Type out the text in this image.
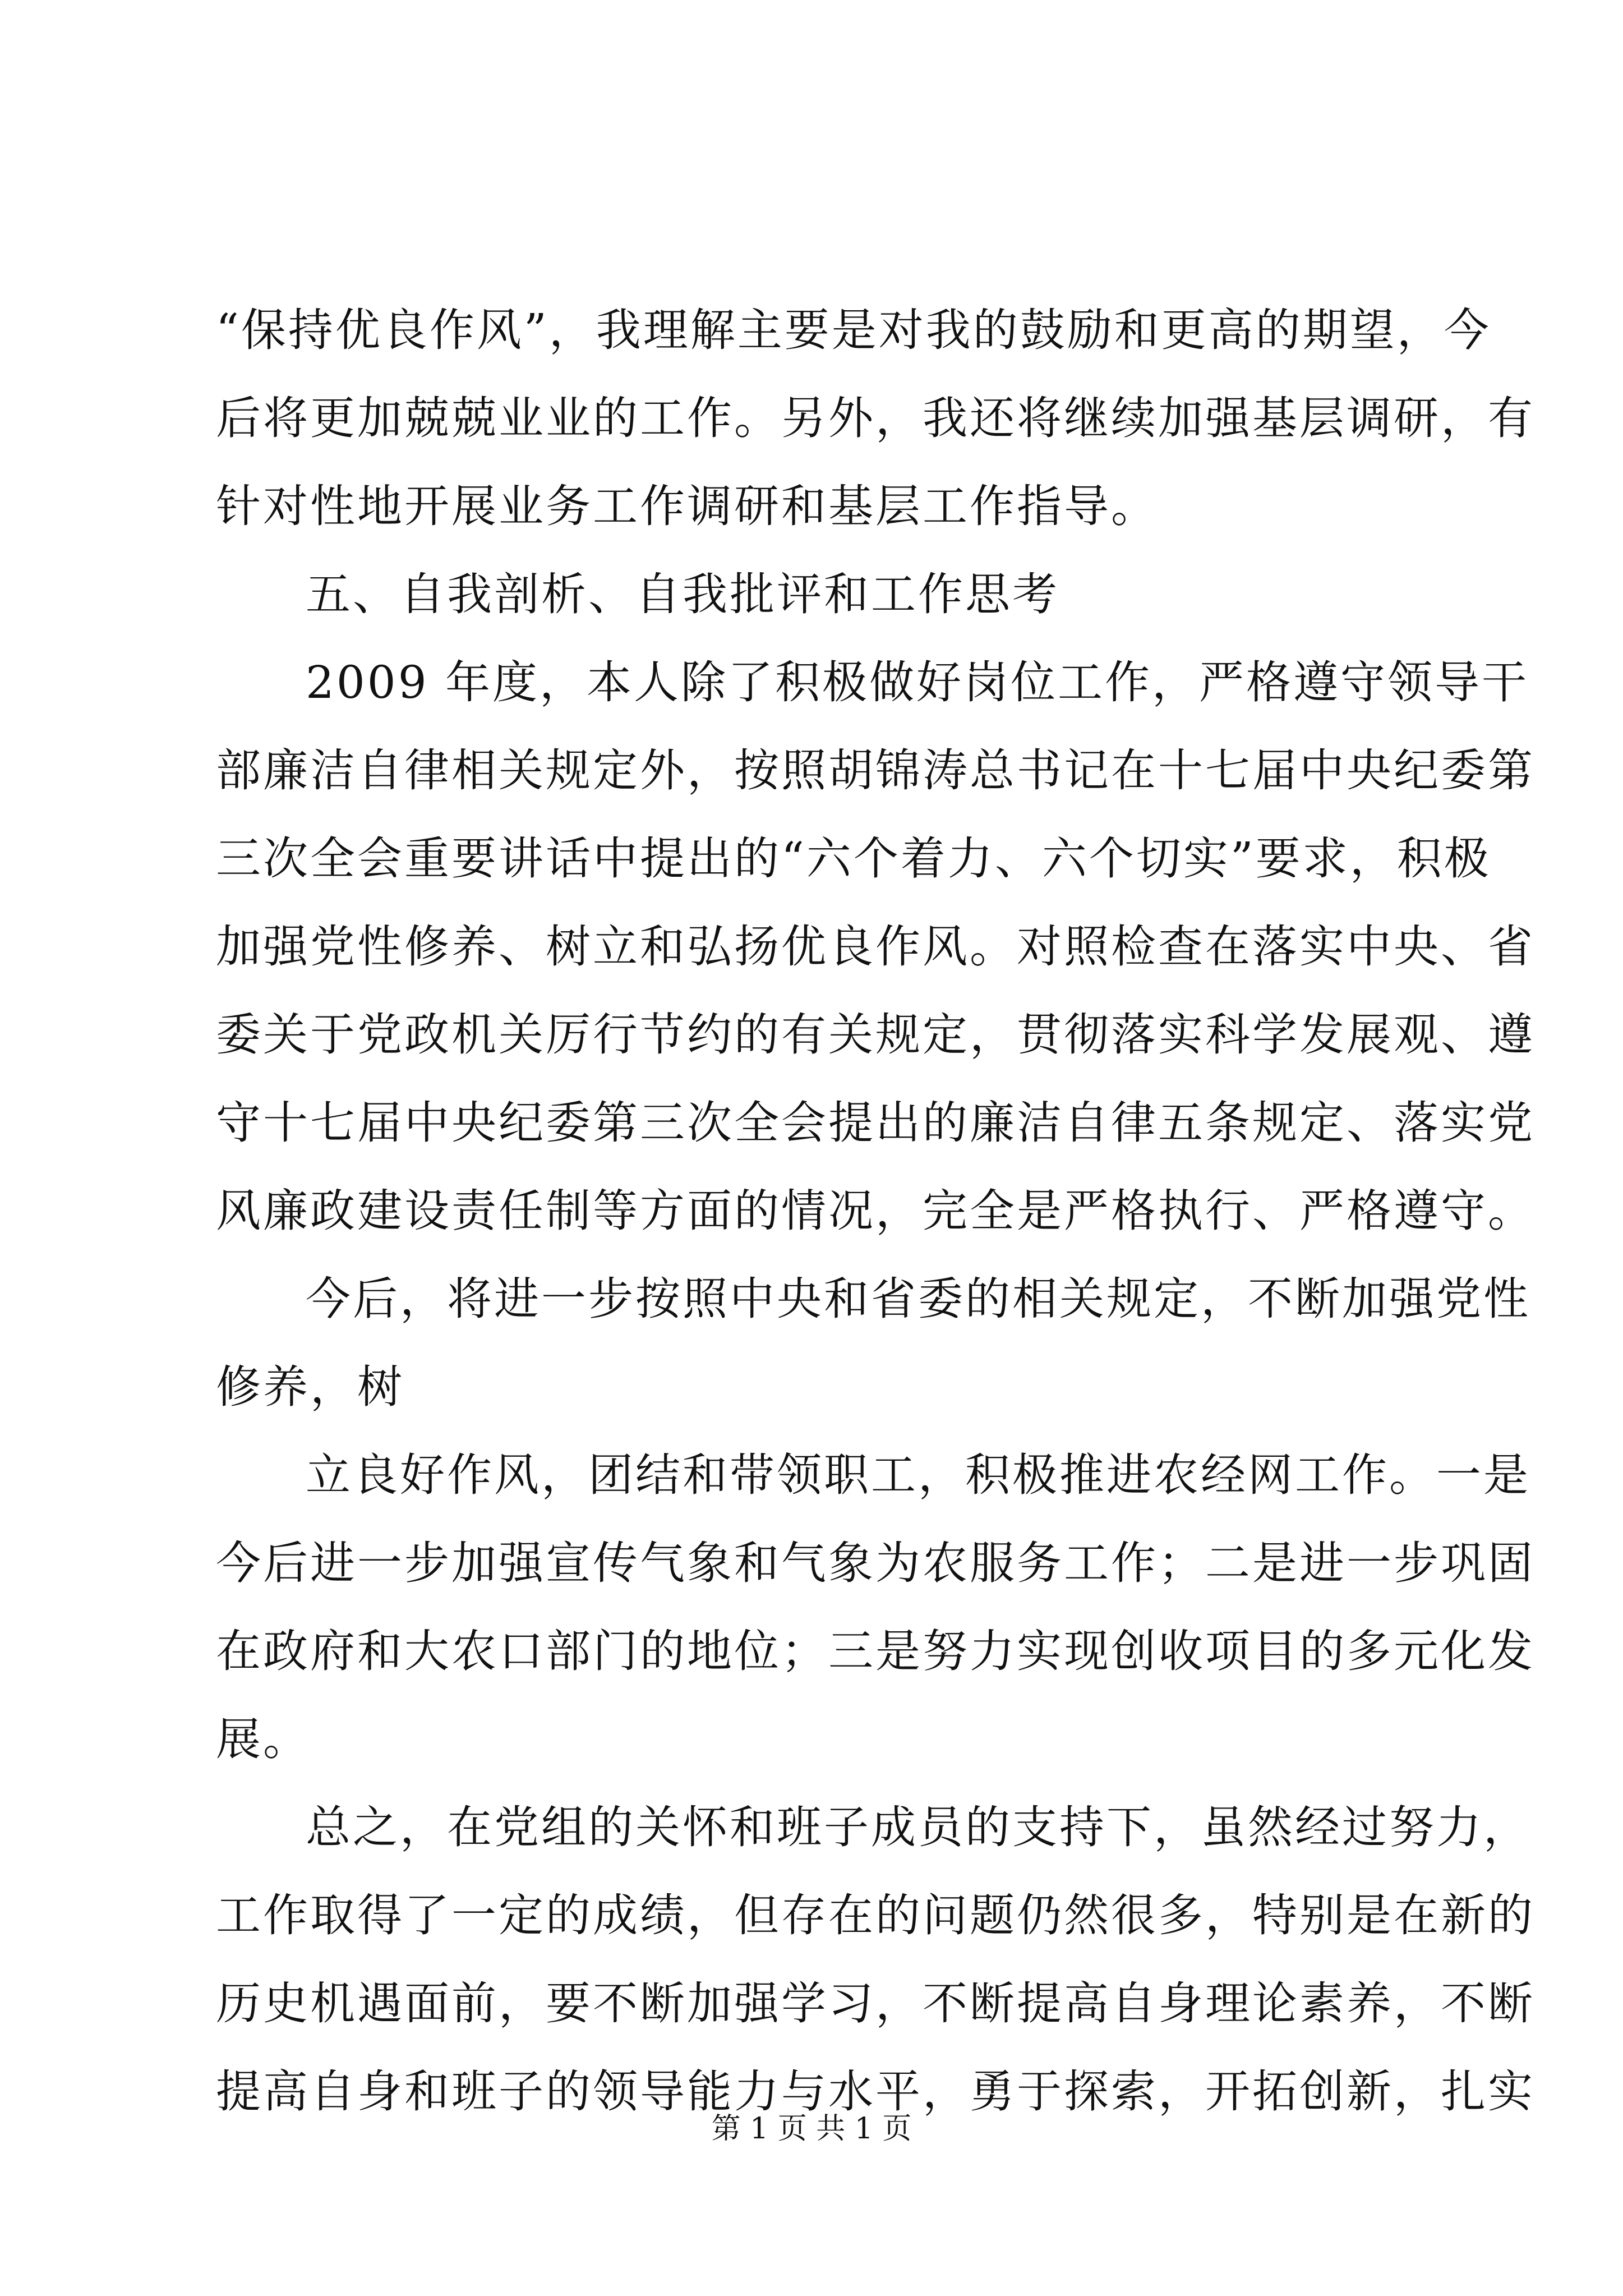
“保持优良作风”，我理解主要是对我的鼓励和更高的期望，今
后将更加兢兢业业的工作。另外，我还将继续加强基层调研，有
针对性地开展业务工作调研和基层工作指导。
五、自我剖析、自我批评和工作思考
2009 年度，本人除了积极做好岗位工作，严格遵守领导干
部廉洁自律相关规定外，按照胡锦涛总书记在十七届中央纪委第
三次全会重要讲话中提出的“六个着力、六个切实”要求，积极
加强党性修养、树立和弘扬优良作风。对照检查在落实中央、省
委关于党政机关厉行节约的有关规定，贯彻落实科学发展观、遵
守十七届中央纪委第三次全会提出的廉洁自律五条规定、落实党
风廉政建设责任制等方面的情况，完全是严格执行、严格遵守。
今后，将进一步按照中央和省委的相关规定，不断加强党性
修养，树
立良好作风，团结和带领职工，积极推进农经网工作。一是
今后进一步加强宣传气象和气象为农服务工作；二是进一步巩固
在政府和大农口部门的地位；三是努力实现创收项目的多元化发
展。
总之，在党组的关怀和班子成员的支持下，虽然经过努力，
工作取得了一定的成绩，但存在的问题仍然很多，特别是在新的
历史机遇面前，要不断加强学习，不断提高自身理论素养，不断
提高自身和班子的领导能力与水平，勇于探索，开拓创新，扎实
第 1 页 共 1 页
